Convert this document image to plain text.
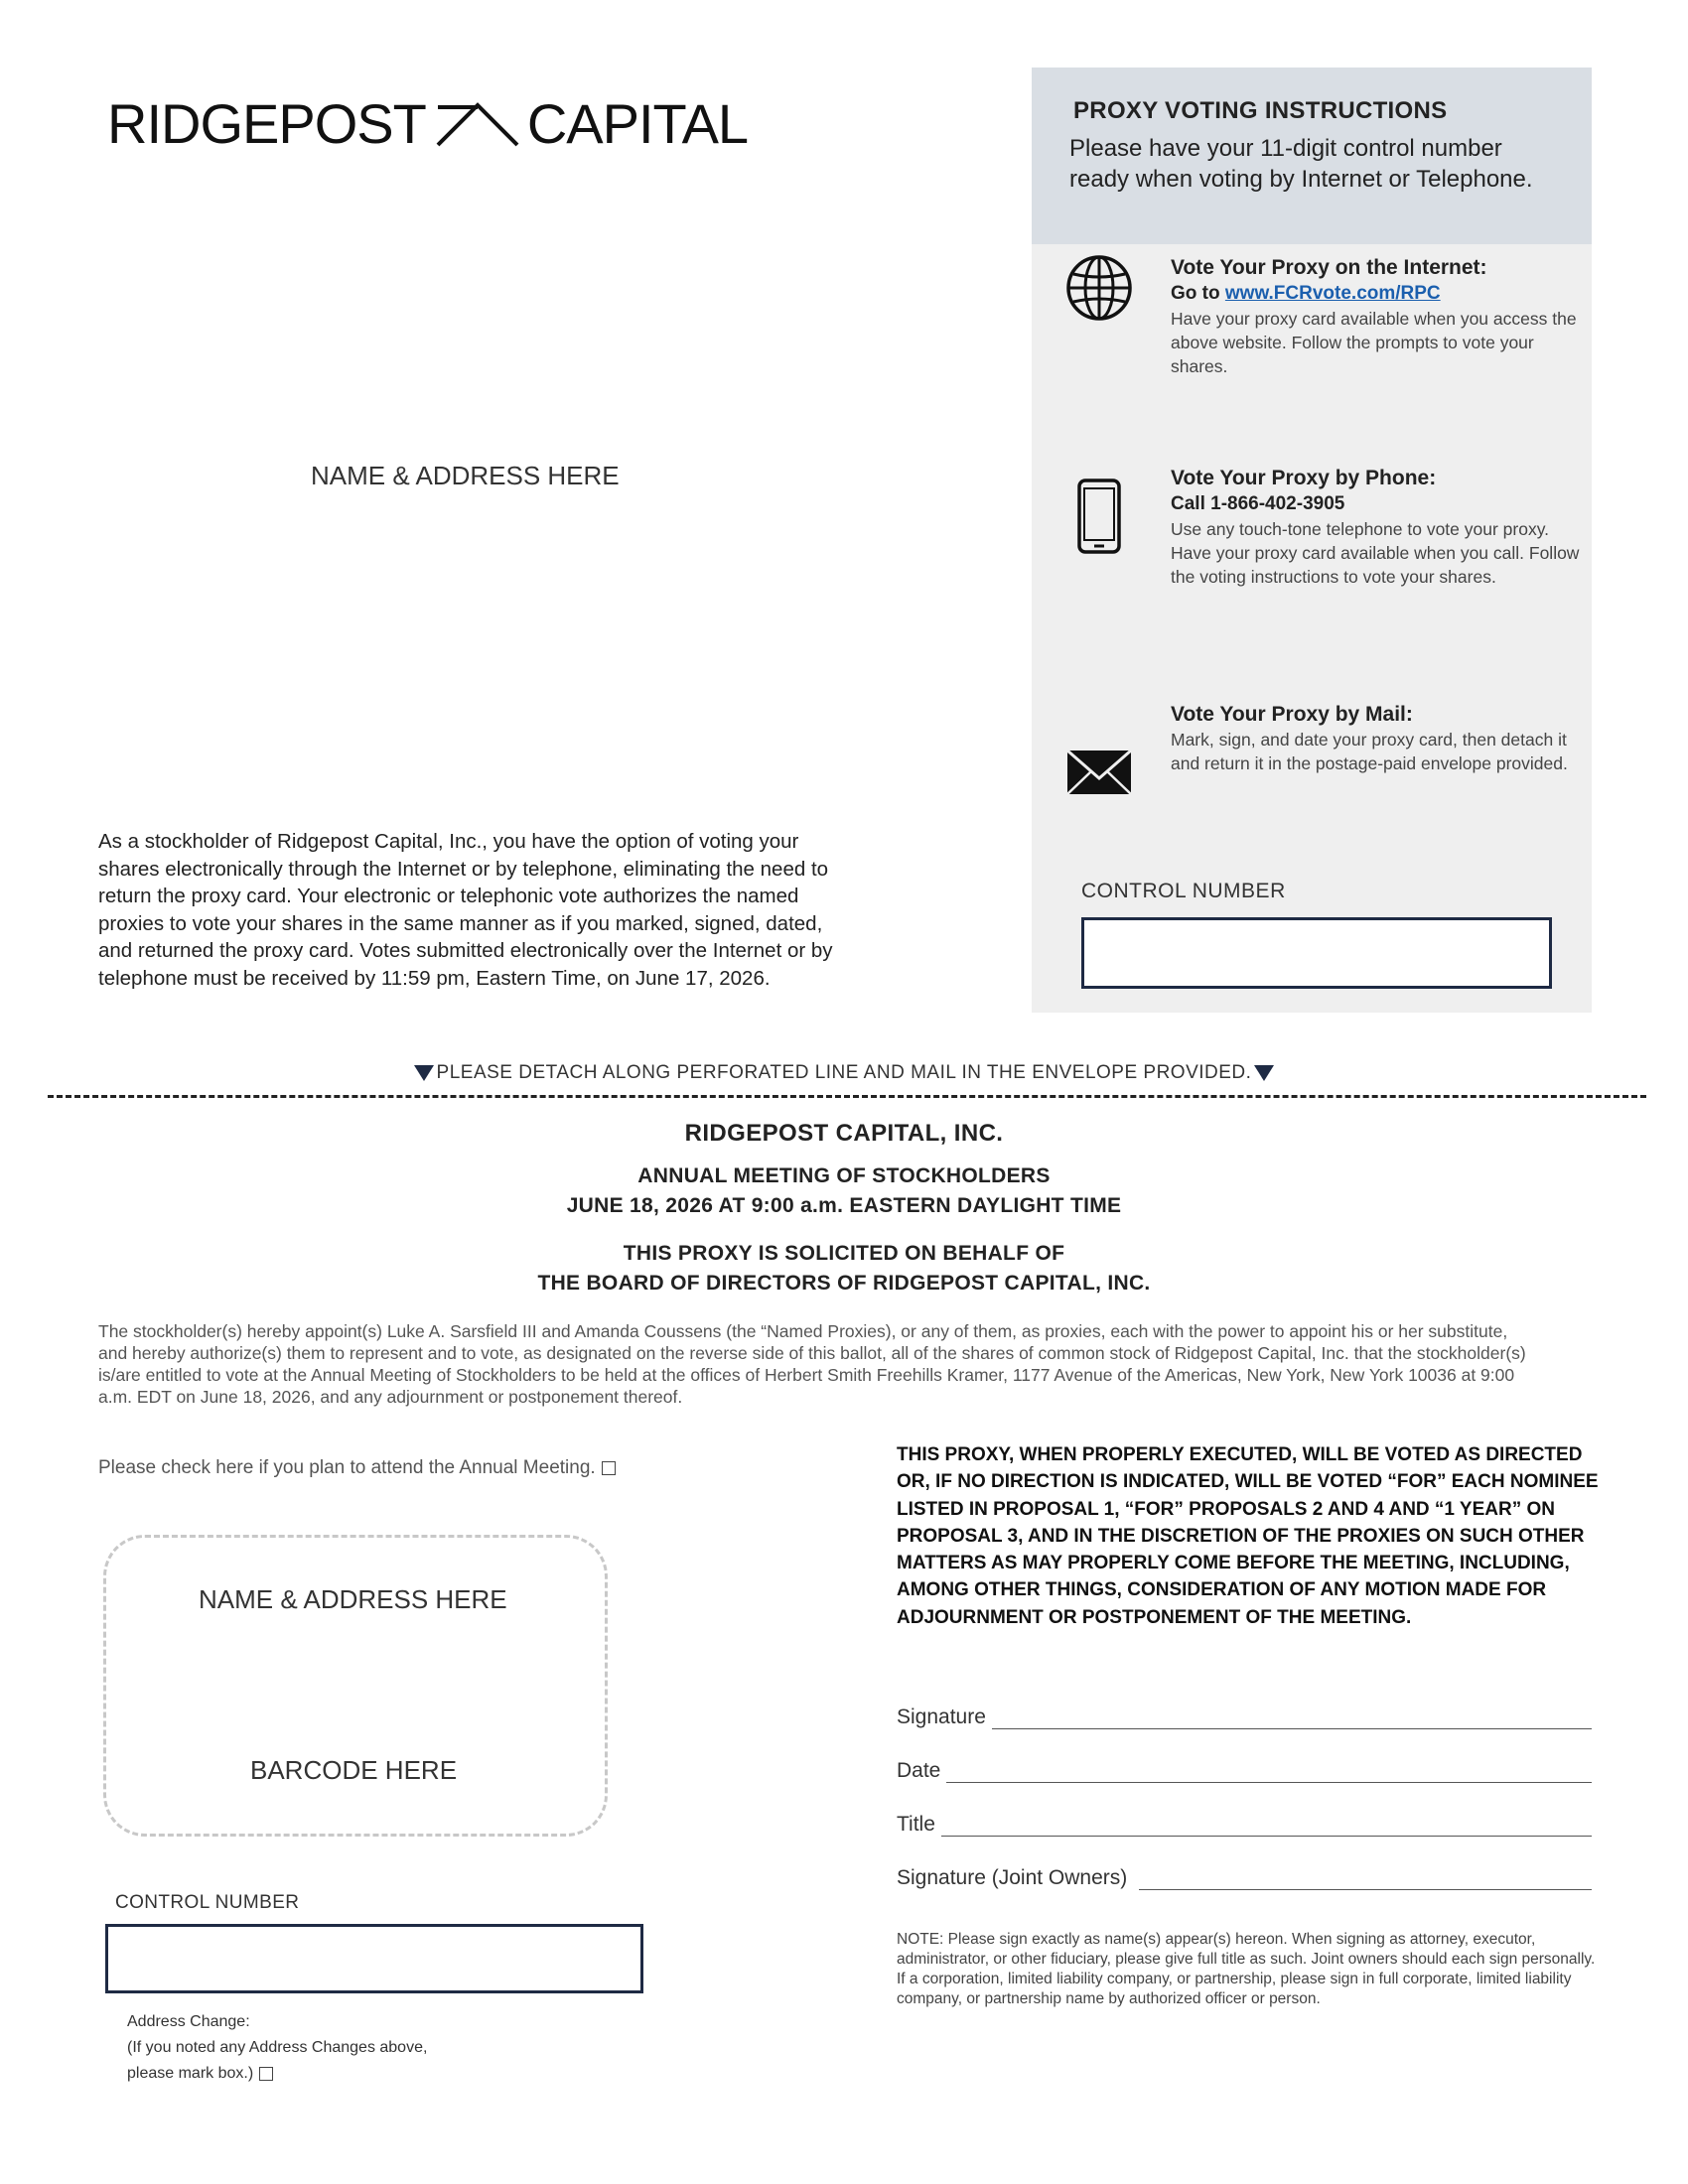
RIDGEPOST CAPITAL	PROXY VOTING INSTRUCTIONS
Please have your 11-digit control number ready when voting by Internet or Telephone.
Vote Your Proxy on the Internet:
Go to www.FCRvote.com/RPC
Have your proxy card available when you access the above website. Follow the prompts to vote your shares.
Vote Your Proxy by Phone:
Call 1-866-402-3905
Use any touch-tone telephone to vote your proxy. Have your proxy card available when you call. Follow the voting instructions to vote your shares.
Vote Your Proxy by Mail:
Mark, sign, and date your proxy card, then detach it and return it in the postage-paid envelope provided.
CONTROL NUMBER
NAME & ADDRESS HERE
As a stockholder of Ridgepost Capital, Inc., you have the option of voting your shares electronically through the Internet or by telephone, eliminating the need to return the proxy card. Your electronic or telephonic vote authorizes the named proxies to vote your shares in the same manner as if you marked, signed, dated, and returned the proxy card. Votes submitted electronically over the Internet or by telephone must be received by 11:59 pm, Eastern Time, on June 17, 2026.
PLEASE DETACH ALONG PERFORATED LINE AND MAIL IN THE ENVELOPE PROVIDED.
RIDGEPOST CAPITAL, INC.
ANNUAL MEETING OF STOCKHOLDERS
JUNE 18, 2026 AT 9:00 a.m. EASTERN DAYLIGHT TIME
THIS PROXY IS SOLICITED ON BEHALF OF
THE BOARD OF DIRECTORS OF RIDGEPOST CAPITAL, INC.
The stockholder(s) hereby appoint(s) Luke A. Sarsfield III and Amanda Coussens (the “Named Proxies), or any of them, as proxies, each with the power to appoint his or her substitute, and hereby authorize(s) them to represent and to vote, as designated on the reverse side of this ballot, all of the shares of common stock of Ridgepost Capital, Inc. that the stockholder(s) is/are entitled to vote at the Annual Meeting of Stockholders to be held at the offices of Herbert Smith Freehills Kramer, 1177 Avenue of the Americas, New York, New York 10036 at 9:00 a.m. EDT on June 18, 2026, and any adjournment or postponement thereof.
Please check here if you plan to attend the Annual Meeting.
NAME & ADDRESS HERE
BARCODE HERE
CONTROL NUMBER
Address Change:
(If you noted any Address Changes above,
please mark box.)
THIS PROXY, WHEN PROPERLY EXECUTED, WILL BE VOTED AS DIRECTED OR, IF NO DIRECTION IS INDICATED, WILL BE VOTED “FOR” EACH NOMINEE LISTED IN PROPOSAL 1, “FOR” PROPOSALS 2 AND 4 AND “1 YEAR” ON PROPOSAL 3, AND IN THE DISCRETION OF THE PROXIES ON SUCH OTHER MATTERS AS MAY PROPERLY COME BEFORE THE MEETING, INCLUDING, AMONG OTHER THINGS, CONSIDERATION OF ANY MOTION MADE FOR ADJOURNMENT OR POSTPONEMENT OF THE MEETING.
Signature
Date
Title
Signature (Joint Owners)
NOTE: Please sign exactly as name(s) appear(s) hereon. When signing as attorney, executor, administrator, or other fiduciary, please give full title as such. Joint owners should each sign personally. If a corporation, limited liability company, or partnership, please sign in full corporate, limited liability company, or partnership name by authorized officer or person.
